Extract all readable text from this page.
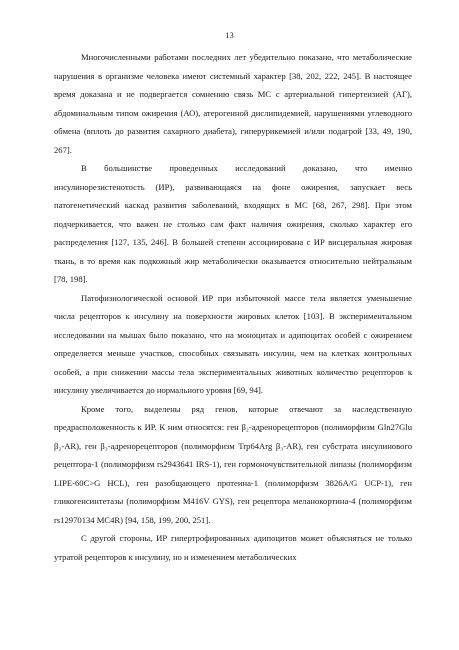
13

Многочисленными работами последних лет убедительно показано, что метаболические нарушения в организме человека имеют системный характер [38, 202, 222, 245]. В настоящее время доказана и не подвергается сомнению связь МС с артериальной гипертензией (АГ), абдоминальным типом ожирения (АО), атерогенной дислипидемией, нарушениями углеводного обмена (вплоть до развития сахарного диабета), гиперурикемией и/или подагрой [33, 49, 190, 267].

В большинстве проведенных исследований доказано, что именно инсулинорезистенотость (ИР), развивающаяся на фоне ожирения, запускает весь патогенетический каскад развития заболеваний, входящих в МС [68, 267, 298]. При этом подчеркивается, что важен не столько сам факт наличия ожирения, сколько характер его распределения [127, 135, 246]. В большей степени ассоциирована с ИР висцеральная жировая ткань, в то время как подкожный жир метаболически оказывается относительно нейтральным [78, 198].

Патофизиологической основой ИР при избыточной массе тела является уменьшение числа рецепторов к инсулину на поверхности жировых клеток [103]. В экспериментальном исследовании на мышах было показано, что на моноцитах и адипоцитах особей с ожирением определяется меньше участков, способных связывать инсулин, чем на клетках контрольных особей, а при снижении массы тела экспериментальных животных количество рецепторов к инсулину увеличивается до нормального уровня [69, 94].

Кроме того, выделены ряд генов, которые отвечают за наследственную предрасположенность к ИР. К ним относятся: ген β₂-адренорецепторов (полиморфизм Gln27Glu β₂-AR), ген β₃-адренорецепторов (полиморфизм Trp64Arg β₃-AR), ген субстрата инсулинового рецептора-1 (полиморфизм rs2943641 IRS-1), ген гормоночувствительной липазы (полиморфизм LIPE-60C>G HCL), ген разобщающего протеина-1 (полиморфизм 3826A/G UCP-1), ген гликогенсинтетазы (полиморфизм M416V GYS), ген рецептора меланокортина-4 (полиморфизм rs12970134 MC4R) [94, 158, 199, 200, 251].

С другой стороны, ИР гипертрофированных адипоцитов может объясняться не только утратой рецепторов к инсулину, но и изменением метаболических
